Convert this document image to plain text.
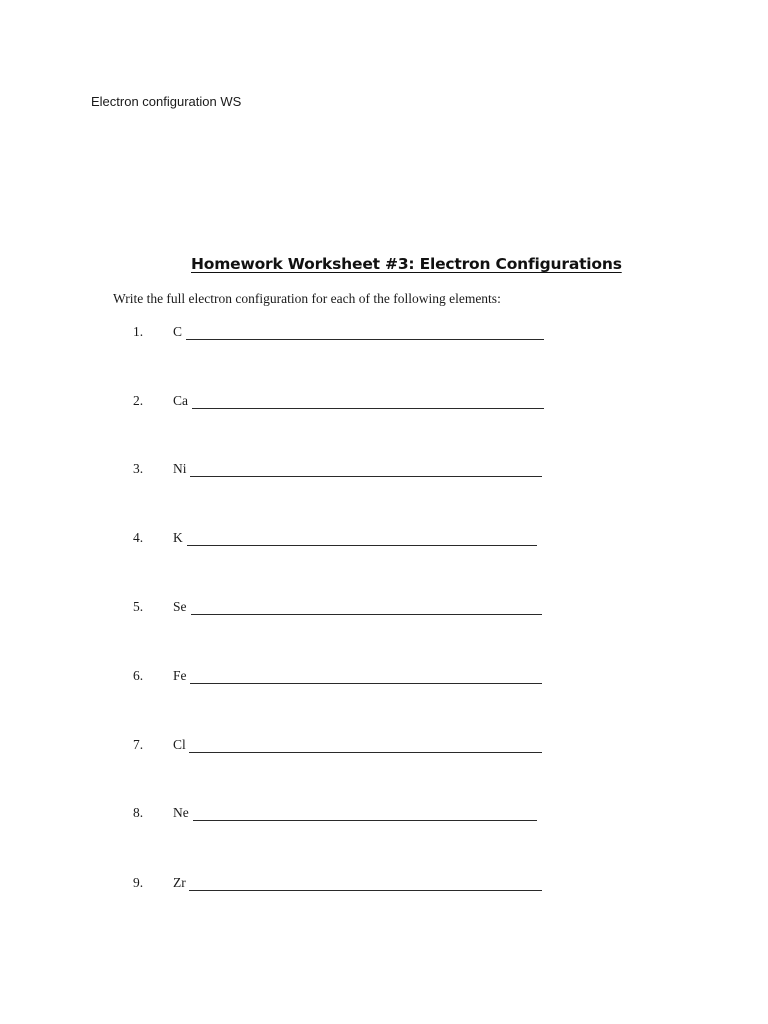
Electron configuration WS
Homework Worksheet #3: Electron Configurations
Write the full electron configuration for each of the following elements:
1. C
2. Ca
3. Ni
4. K
5. Se
6. Fe
7. Cl
8. Ne
9. Zr
